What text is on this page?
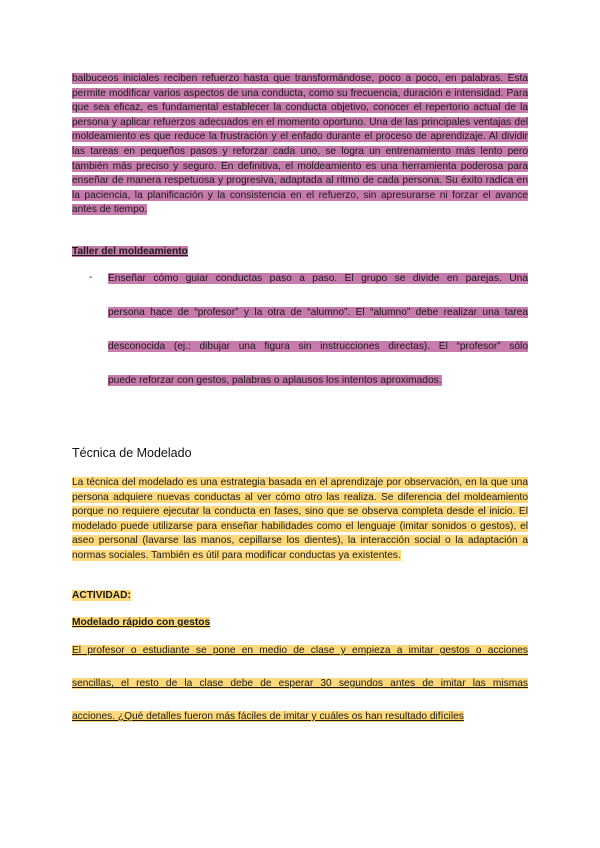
balbuceos iniciales reciben refuerzo hasta que transformándose, poco a poco, en palabras. Esta permite modificar varios aspectos de una conducta, como su frecuencia, duración e intensidad. Para que sea eficaz, es fundamental establecer la conducta objetivo, conocer el repertorio actual de la persona y aplicar refuerzos adecuados en el momento oportuno. Una de las principales ventajas del moldeamiento es que reduce la frustración y el enfado durante el proceso de aprendizaje. Al dividir las tareas en pequeños pasos y reforzar cada uno, se logra un entrenamiento más lento pero también más preciso y seguro. En definitiva, el moldeamiento es una herramienta poderosa para enseñar de manera respetuosa y progresiva, adaptada al ritmo de cada persona. Su éxito radica en la paciencia, la planificación y la consistencia en el refuerzo, sin apresurarse ni forzar el avance antes de tiempo.

Taller del moldeamiento

- Enseñar cómo guiar conductas paso a paso. El grupo se divide en parejas. Una

persona hace de “profesor” y la otra de “alumno”. El “alumno” debe realizar una tarea

desconocida (ej.: dibujar una figura sin instrucciones directas). El “profesor” sólo

puede reforzar con gestos, palabras o aplausos los intentos aproximados.

Técnica de Modelado

La técnica del modelado es una estrategia basada en el aprendizaje por observación, en la que una persona adquiere nuevas conductas al ver cómo otro las realiza. Se diferencia del moldeamiento porque no requiere ejecutar la conducta en fases, sino que se observa completa desde el inicio. El modelado puede utilizarse para enseñar habilidades como el lenguaje (imitar sonidos o gestos), el aseo personal (lavarse las manos, cepillarse los dientes), la interacción social o la adaptación a normas sociales. También es útil para modificar conductas ya existentes.

ACTIVIDAD:

Modelado rápido con gestos

El profesor o estudiante se pone en medio de clase y empieza a imitar gestos o acciones

sencillas, el resto de la clase debe de esperar 30 segundos antes de imitar las mismas

acciones. ¿Qué detalles fueron más fáciles de imitar y cuáles os han resultado difíciles
